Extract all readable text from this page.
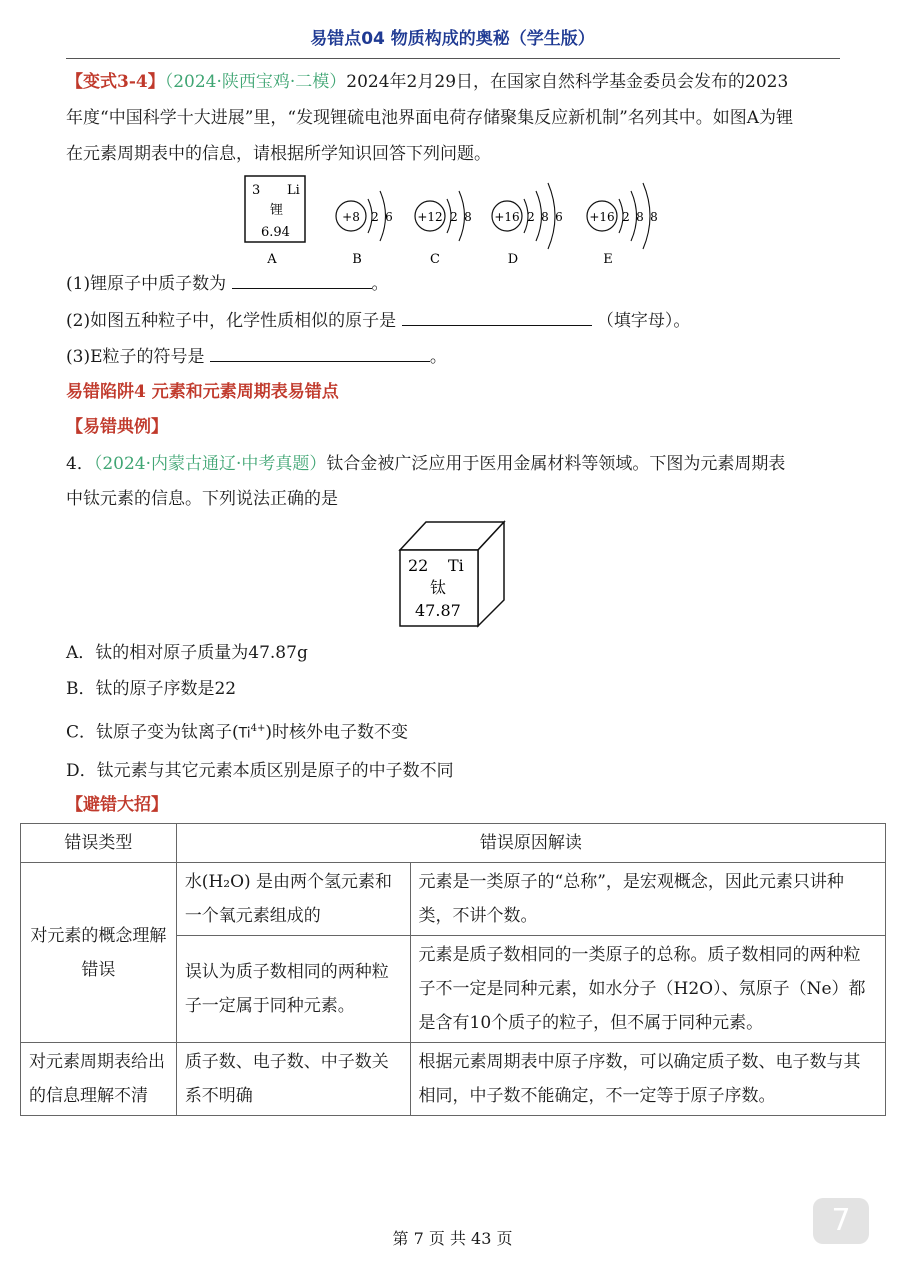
易错点04 物质构成的奥秘（学生版）
【变式3-4】（2024·陕西宝鸡·二模）2024年2月29日，在国家自然科学基金委员会发布的2023
年度“中国科学十大进展”里，“发现锂硫电池界面电荷存储聚集反应新机制”名列其中。如图A为锂
在元素周期表中的信息，请根据所学知识回答下列问题。
3 Li
锂
6.94
A
+8 2 6
B
+12 2 8
C
+16 2 8 6
D
+16 2 8 8
E
(1)锂原子中质子数为	。
(2)如图五种粒子中，化学性质相似的原子是	（填字母）。
(3)E粒子的符号是	。
易错陷阱4 元素和元素周期表易错点
【易错典例】
4．（2024·内蒙古通辽·中考真题）钛合金被广泛应用于医用金属材料等领域。下图为元素周期表
中钛元素的信息。下列说法正确的是
22 Ti
钛
47.87
A．钛的相对原子质量为47.87g
B．钛的原子序数是22
C．钛原子变为钛离子$(Ti^{4+})$时核外电子数不变
D．钛元素与其它元素本质区别是原子的中子数不同
【避错大招】
错误类型	错误原因解读	
对元素的概念理解错误	水(H₂O) 是由两个氢元素和一个氧元素组成的	元素是一类原子的“总称”，是宏观概念，因此元素只讲种类，不讲个数。
	误认为质子数相同的两种粒子一定属于同种元素。	元素是质子数相同的一类原子的总称。质子数相同的两种粒子不一定是同种元素，如水分子（H2O）、氖原子（Ne）都是含有10个质子的粒子，但不属于同种元素。
对元素周期表给出的信息理解不清	质子数、电子数、中子数关系不明确	根据元素周期表中原子序数，可以确定质子数、电子数与其相同，中子数不能确定，不一定等于原子序数。
7
第 7 页 共 43 页
